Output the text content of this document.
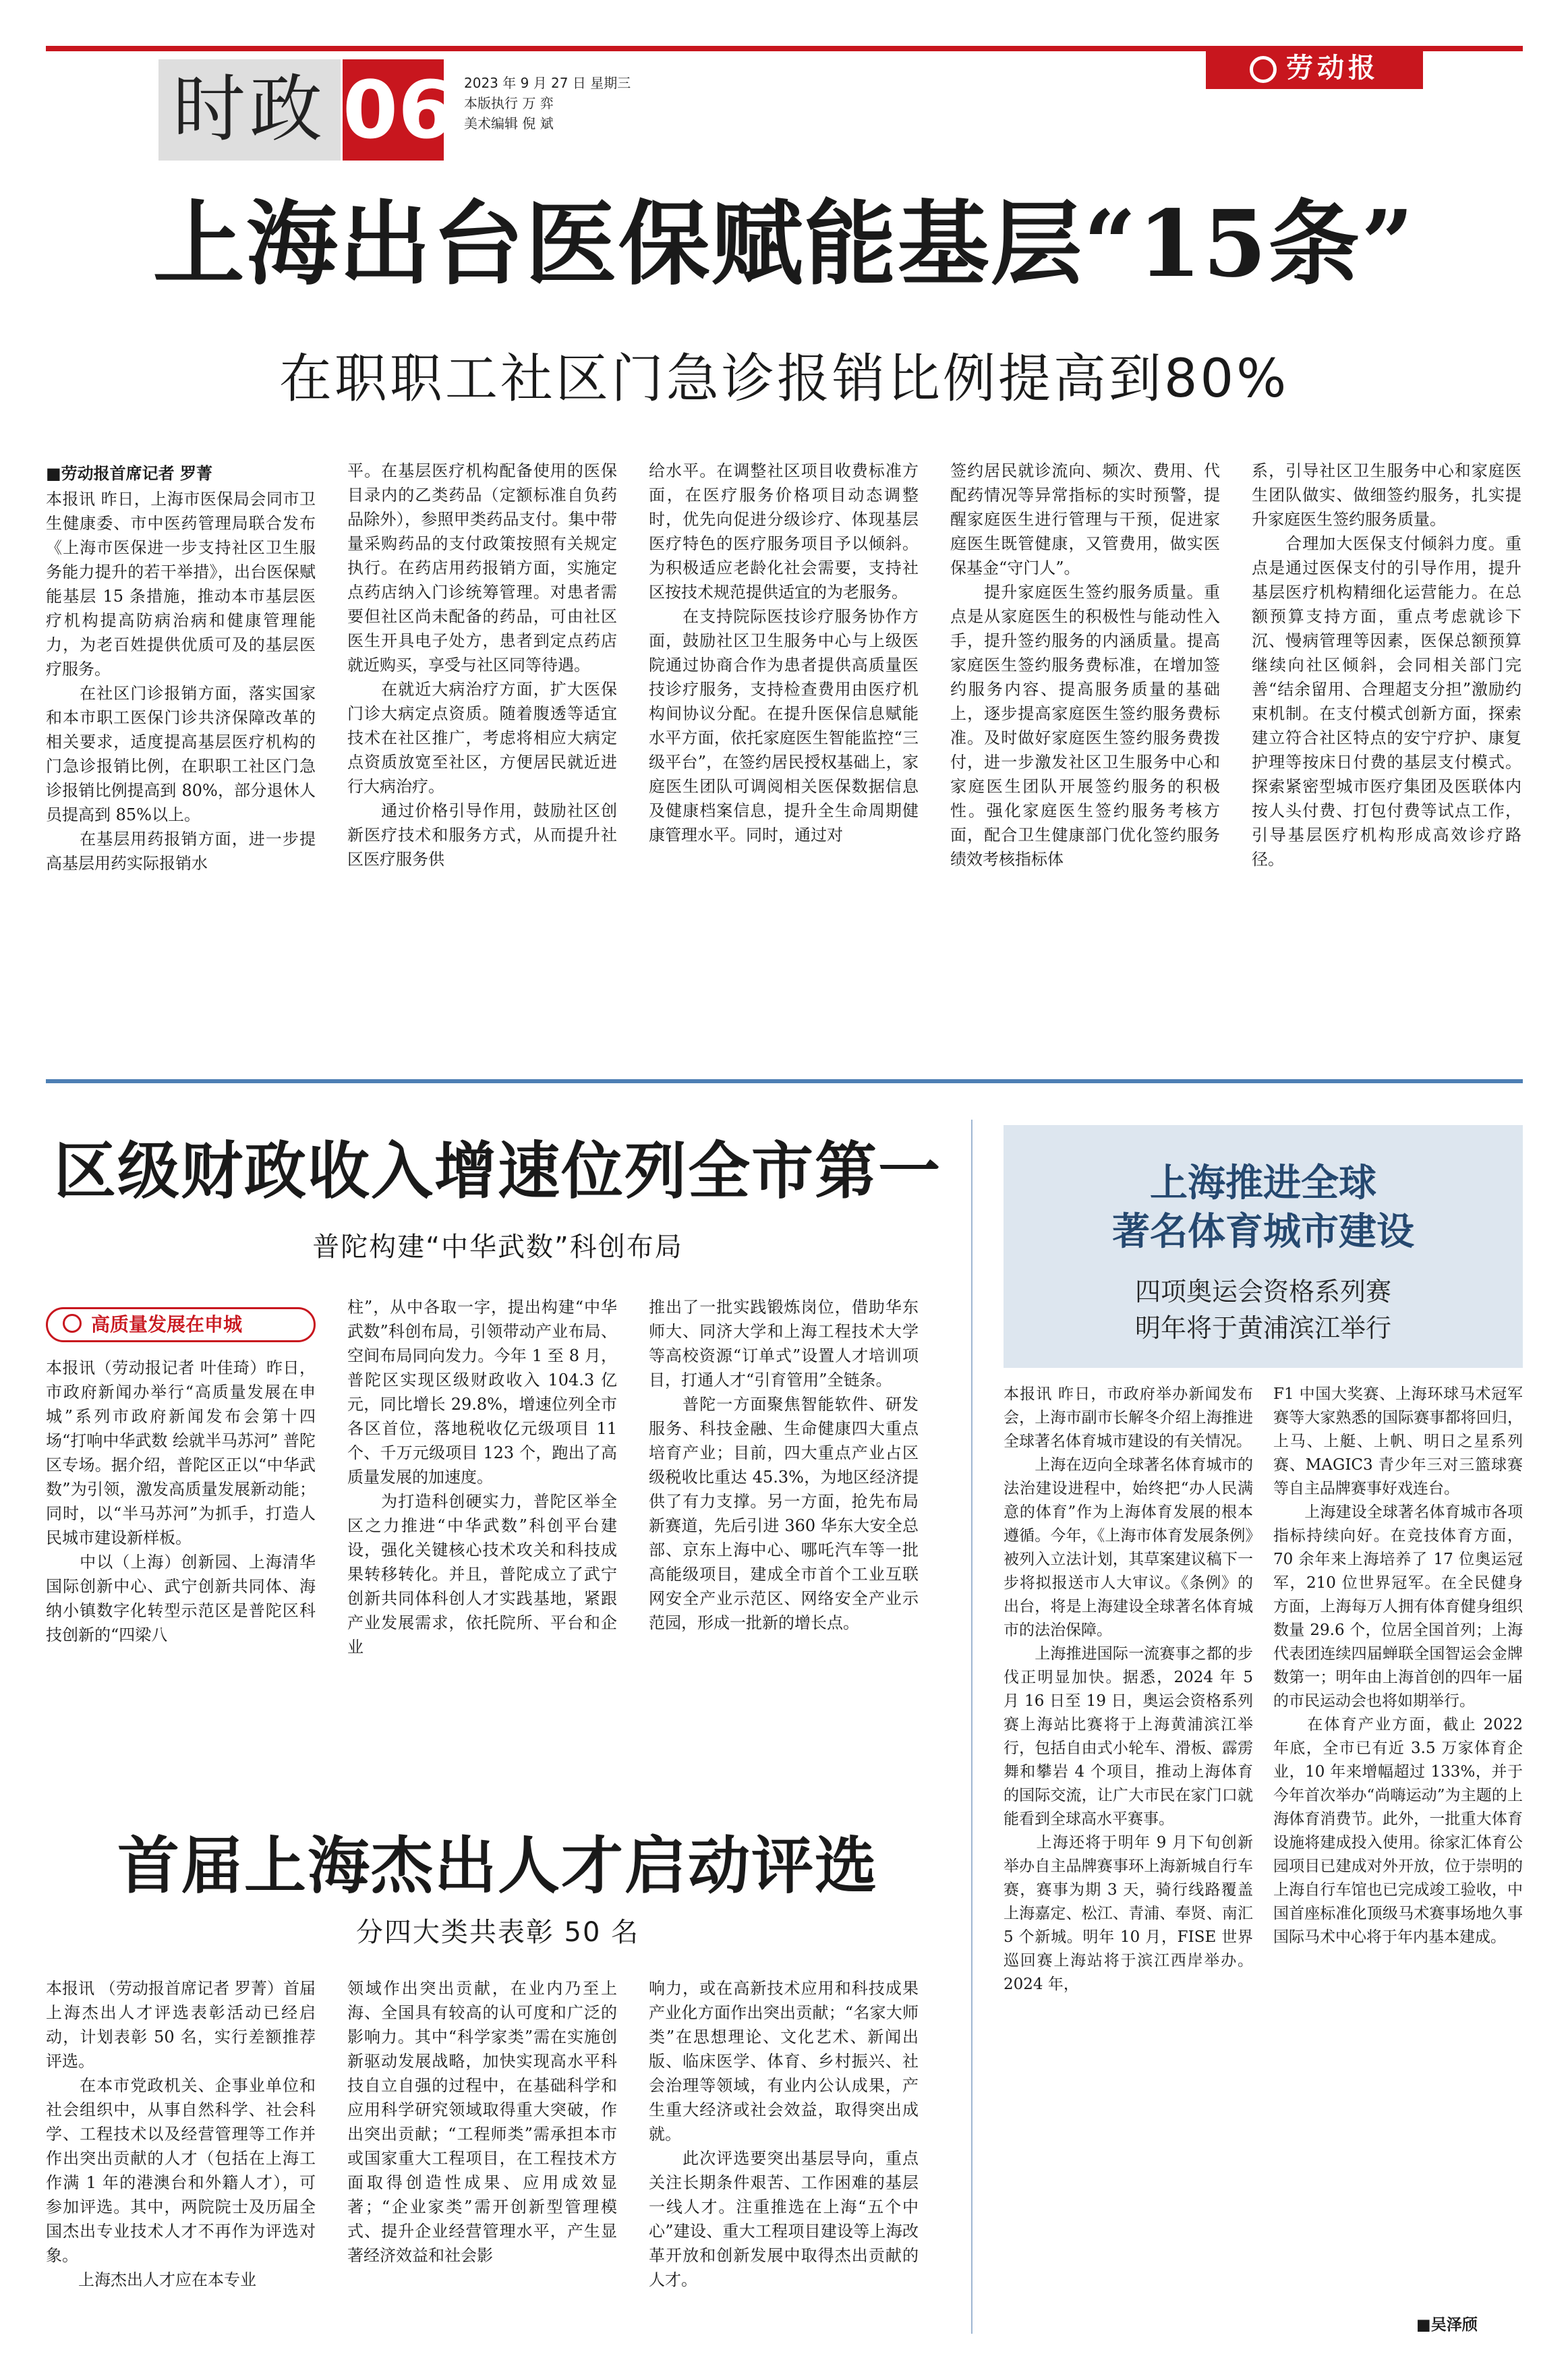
时政 06 2023 年 9 月 27 日 星期三
本版执行 万 弈
美术编辑 倪 斌
劳动报
上海出台医保赋能基层“15条”
在职职工社区门急诊报销比例提高到80%
■劳动报首席记者 罗菁
本报讯 昨日，上海市医保局会同市卫生健康委、市中医药管理局联合发布《上海市医保进一步支持社区卫生服务能力提升的若干举措》，出台医保赋能基层 15 条措施，推动本市基层医疗机构提高防病治病和健康管理能力，为老百姓提供优质可及的基层医疗服务。
　　在社区门诊报销方面，落实国家和本市职工医保门诊共济保障改革的相关要求，适度提高基层医疗机构的门急诊报销比例，在职职工社区门急诊报销比例提高到 80%，部分退休人员提高到 85%以上。
　　在基层用药报销方面，进一步提高基层用药实际报销水
平。在基层医疗机构配备使用的医保目录内的乙类药品（定额标准自负药品除外），参照甲类药品支付。集中带量采购药品的支付政策按照有关规定执行。在药店用药报销方面，实施定点药店纳入门诊统筹管理。对患者需要但社区尚未配备的药品，可由社区医生开具电子处方，患者到定点药店就近购买，享受与社区同等待遇。
　　在就近大病治疗方面，扩大医保门诊大病定点资质。随着腹透等适宜技术在社区推广，考虑将相应大病定点资质放宽至社区，方便居民就近进行大病治疗。
　　通过价格引导作用，鼓励社区创新医疗技术和服务方式，从而提升社区医疗服务供
给水平。在调整社区项目收费标准方面，在医疗服务价格项目动态调整时，优先向促进分级诊疗、体现基层医疗特色的医疗服务项目予以倾斜。为积极适应老龄化社会需要，支持社区按技术规范提供适宜的为老服务。
　　在支持院际医技诊疗服务协作方面，鼓励社区卫生服务中心与上级医院通过协商合作为患者提供高质量医技诊疗服务，支持检查费用由医疗机构间协议分配。在提升医保信息赋能水平方面，依托家庭医生智能监控“三级平台”，在签约居民授权基础上，家庭医生团队可调阅相关医保数据信息及健康档案信息，提升全生命周期健康管理水平。同时，通过对
签约居民就诊流向、频次、费用、代配药情况等异常指标的实时预警，提醒家庭医生进行管理与干预，促进家庭医生既管健康，又管费用，做实医保基金“守门人”。
　　提升家庭医生签约服务质量。重点是从家庭医生的积极性与能动性入手，提升签约服务的内涵质量。提高家庭医生签约服务费标准，在增加签约服务内容、提高服务质量的基础上，逐步提高家庭医生签约服务费标准。及时做好家庭医生签约服务费拨付，进一步激发社区卫生服务中心和家庭医生团队开展签约服务的积极性。强化家庭医生签约服务考核方面，配合卫生健康部门优化签约服务绩效考核指标体
系，引导社区卫生服务中心和家庭医生团队做实、做细签约服务，扎实提升家庭医生签约服务质量。
　　合理加大医保支付倾斜力度。重点是通过医保支付的引导作用，提升基层医疗机构精细化运营能力。在总额预算支持方面，重点考虑就诊下沉、慢病管理等因素，医保总额预算继续向社区倾斜，会同相关部门完善“结余留用、合理超支分担”激励约束机制。在支付模式创新方面，探索建立符合社区特点的安宁疗护、康复护理等按床日付费的基层支付模式。探索紧密型城市医疗集团及医联体内按人头付费、打包付费等试点工作，引导基层医疗机构形成高效诊疗路径。
区级财政收入增速位列全市第一
普陀构建“中华武数”科创布局
高质量发展在申城
本报讯（劳动报记者 叶佳琦）昨日，市政府新闻办举行“高质量发展在申城”系列市政府新闻发布会第十四场“打响中华武数 绘就半马苏河” 普陀区专场。据介绍，普陀区正以“中华武数”为引领，激发高质量发展新动能；同时，以“半马苏河”为抓手，打造人民城市建设新样板。
　　中以（上海）创新园、上海清华国际创新中心、武宁创新共同体、海纳小镇数字化转型示范区是普陀区科技创新的“四梁八
柱”，从中各取一字，提出构建“中华武数”科创布局，引领带动产业布局、空间布局同向发力。今年 1 至 8 月，普陀区实现区级财政收入 104.3 亿元，同比增长 29.8%，增速位列全市各区首位，落地税收亿元级项目 11 个、千万元级项目 123 个，跑出了高质量发展的加速度。
　　为打造科创硬实力，普陀区举全区之力推进“中华武数”科创平台建设，强化关键核心技术攻关和科技成果转移转化。并且，普陀成立了武宁创新共同体科创人才实践基地，紧跟产业发展需求，依托院所、平台和企业
推出了一批实践锻炼岗位，借助华东师大、同济大学和上海工程技术大学等高校资源“订单式”设置人才培训项目，打通人才“引育管用”全链条。
　　普陀一方面聚焦智能软件、研发服务、科技金融、生命健康四大重点培育产业；目前，四大重点产业占区级税收比重达 45.3%，为地区经济提供了有力支撑。另一方面，抢先布局新赛道，先后引进 360 华东大安全总部、京东上海中心、哪吒汽车等一批高能级项目，建成全市首个工业互联网安全产业示范区、网络安全产业示范园，形成一批新的增长点。
首届上海杰出人才启动评选
分四大类共表彰 50 名
本报讯 （劳动报首席记者 罗菁）首届上海杰出人才评选表彰活动已经启动，计划表彰 50 名，实行差额推荐评选。
　　在本市党政机关、企事业单位和社会组织中，从事自然科学、社会科学、工程技术以及经营管理等工作并作出突出贡献的人才（包括在上海工作满 1 年的港澳台和外籍人才），可参加评选。其中，两院院士及历届全国杰出专业技术人才不再作为评选对象。
　　上海杰出人才应在本专业
领域作出突出贡献，在业内乃至上海、全国具有较高的认可度和广泛的影响力。其中“科学家类”需在实施创新驱动发展战略，加快实现高水平科技自立自强的过程中，在基础科学和应用科学研究领域取得重大突破，作出突出贡献；“工程师类”需承担本市或国家重大工程项目，在工程技术方面取得创造性成果、应用成效显著；“企业家类”需开创新型管理模式、提升企业经营管理水平，产生显著经济效益和社会影
响力，或在高新技术应用和科技成果产业化方面作出突出贡献；“名家大师类”在思想理论、文化艺术、新闻出版、临床医学、体育、乡村振兴、社会治理等领域，有业内公认成果，产生重大经济或社会效益，取得突出成就。
　　此次评选要突出基层导向，重点关注长期条件艰苦、工作困难的基层一线人才。注重推选在上海“五个中心”建设、重大工程项目建设等上海改革开放和创新发展中取得杰出贡献的人才。
上海推进全球
著名体育城市建设
四项奥运会资格系列赛
明年将于黄浦滨江举行
本报讯 昨日，市政府举办新闻发布会，上海市副市长解冬介绍上海推进全球著名体育城市建设的有关情况。
　　上海在迈向全球著名体育城市的法治建设进程中，始终把“办人民满意的体育”作为上海体育发展的根本遵循。今年，《上海市体育发展条例》被列入立法计划，其草案建议稿下一步将拟报送市人大审议。《条例》的出台，将是上海建设全球著名体育城市的法治保障。
　　上海推进国际一流赛事之都的步伐正明显加快。据悉，2024 年 5 月 16 日至 19 日，奥运会资格系列赛上海站比赛将于上海黄浦滨江举行，包括自由式小轮车、滑板、霹雳舞和攀岩 4 个项目，推动上海体育的国际交流，让广大市民在家门口就能看到全球高水平赛事。
　　上海还将于明年 9 月下旬创新举办自主品牌赛事环上海新城自行车赛，赛事为期 3 天，骑行线路覆盖上海嘉定、松江、青浦、奉贤、南汇 5 个新城。明年 10 月，FISE 世界巡回赛上海站将于滨江西岸举办。2024 年，
F1 中国大奖赛、上海环球马术冠军赛等大家熟悉的国际赛事都将回归，上马、上艇、上帆、明日之星系列赛、MAGIC3 青少年三对三篮球赛等自主品牌赛事好戏连台。
　　上海建设全球著名体育城市各项指标持续向好。在竞技体育方面，70 余年来上海培养了 17 位奥运冠军，210 位世界冠军。在全民健身方面，上海每万人拥有体育健身组织数量 29.6 个，位居全国首列；上海代表团连续四届蝉联全国智运会金牌数第一；明年由上海首创的四年一届的市民运动会也将如期举行。
　　在体育产业方面，截止 2022 年底，全市已有近 3.5 万家体育企业，10 年来增幅超过 133%，并于今年首次举办“尚嗨运动”为主题的上海体育消费节。此外，一批重大体育设施将建成投入使用。徐家汇体育公园项目已建成对外开放，位于崇明的上海自行车馆也已完成竣工验收，中国首座标准化顶级马术赛事场地久事国际马术中心将于年内基本建成。
■吴泽颀
